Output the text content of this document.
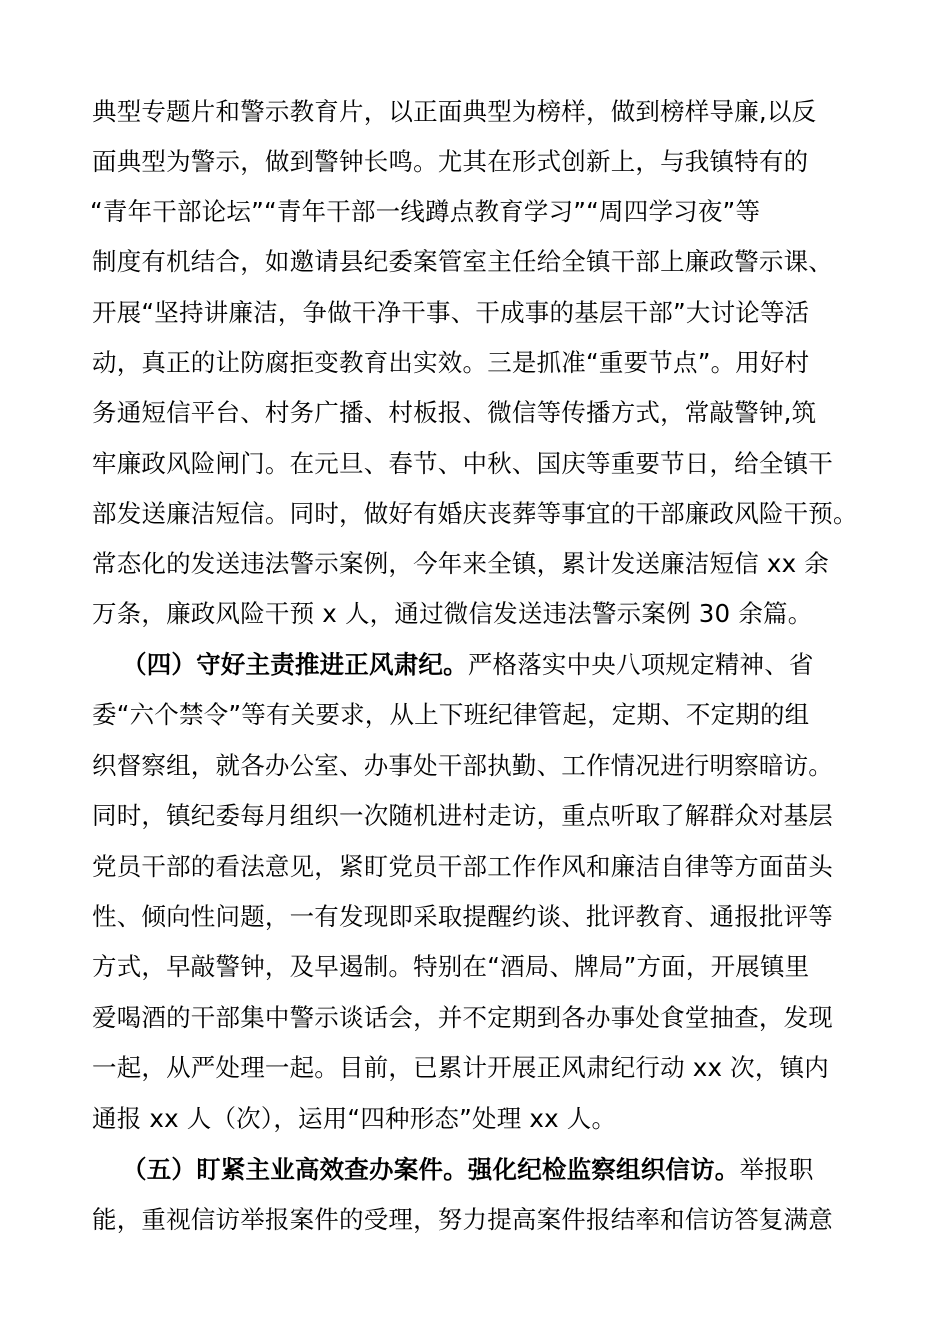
典型专题片和警示教育片，以正面典型为榜样，做到榜样导廉,以反
面典型为警示，做到警钟长鸣。尤其在形式创新上，与我镇特有的
“青年干部论坛”“青年干部一线蹲点教育学习”“周四学习夜”等
制度有机结合，如邀请县纪委案管室主任给全镇干部上廉政警示课、
开展“坚持讲廉洁，争做干净干事、干成事的基层干部”大讨论等活
动，真正的让防腐拒变教育出实效。三是抓准“重要节点”。用好村
务通短信平台、村务广播、村板报、微信等传播方式，常敲警钟,筑
牢廉政风险闸门。在元旦、春节、中秋、国庆等重要节日，给全镇干
部发送廉洁短信。同时，做好有婚庆丧葬等事宜的干部廉政风险干预。
常态化的发送违法警示案例，今年来全镇，累计发送廉洁短信 xx 余
万条，廉政风险干预 x 人，通过微信发送违法警示案例 30 余篇。
（四）守好主责推进正风肃纪。严格落实中央八项规定精神、省
委“六个禁令”等有关要求，从上下班纪律管起，定期、不定期的组
织督察组，就各办公室、办事处干部执勤、工作情况进行明察暗访。
同时，镇纪委每月组织一次随机进村走访，重点听取了解群众对基层
党员干部的看法意见，紧盯党员干部工作作风和廉洁自律等方面苗头
性、倾向性问题，一有发现即采取提醒约谈、批评教育、通报批评等
方式，早敲警钟，及早遏制。特别在“酒局、牌局”方面，开展镇里
爱喝酒的干部集中警示谈话会，并不定期到各办事处食堂抽查，发现
一起，从严处理一起。目前，已累计开展正风肃纪行动 xx 次，镇内
通报 xx 人（次），运用“四种形态”处理 xx 人。
（五）盯紧主业高效查办案件。强化纪检监察组织信访。举报职
能，重视信访举报案件的受理，努力提高案件报结率和信访答复满意
